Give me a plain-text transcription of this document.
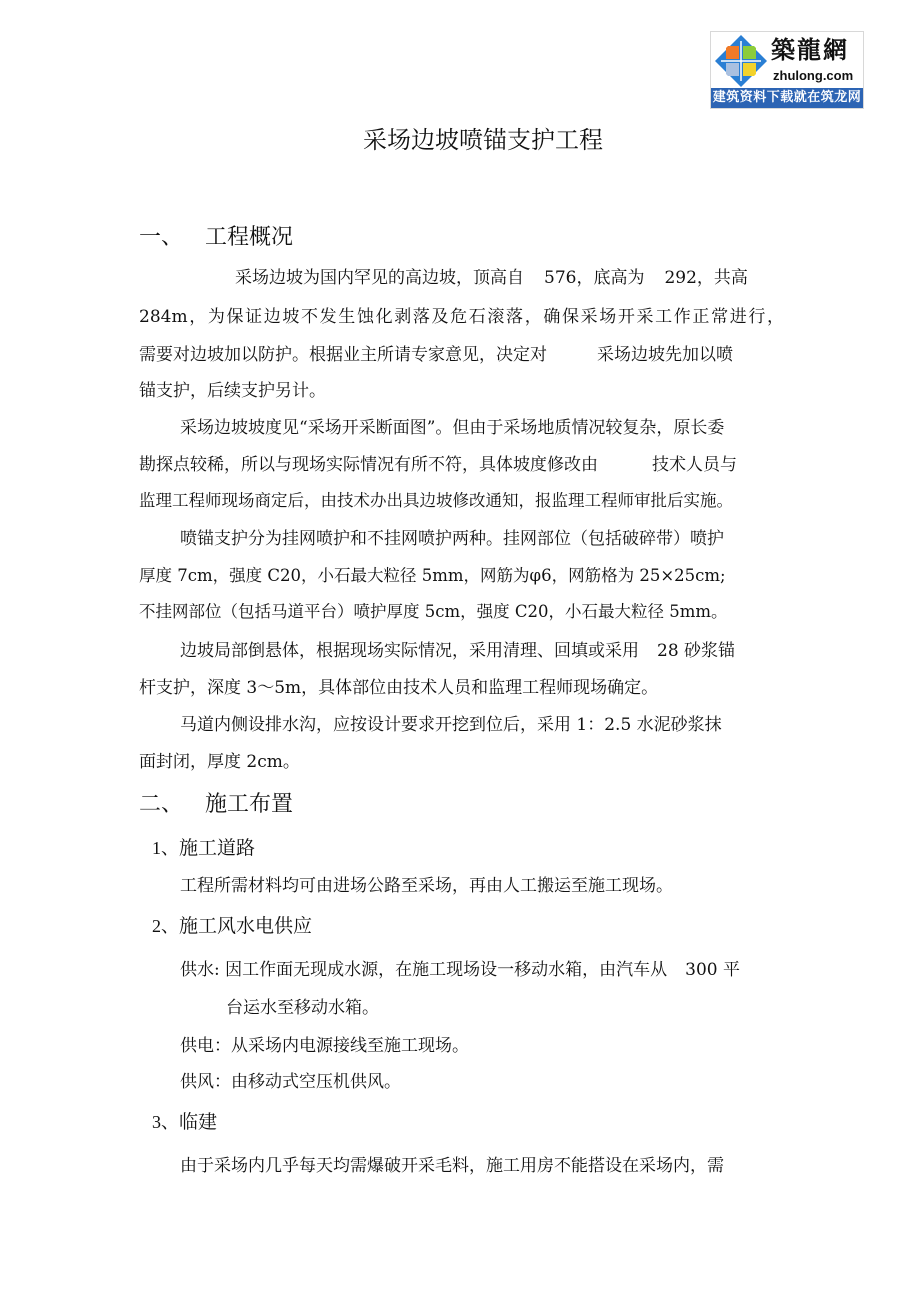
築龍網
zhulong.com
建筑资料下载就在筑龙网
采场边坡喷锚支护工程
一、 工程概况
采场边坡为国内罕见的高边坡，顶高自 576，底高为 292，共高
284m，为保证边坡不发生蚀化剥落及危石滚落，确保采场开采工作正常进行，
需要对边坡加以防护。根据业主所请专家意见，决定对	采场边坡先加以喷
锚支护，后续支护另计。
采场边坡坡度见“采场开采断面图”。但由于采场地质情况较复杂，原长委
勘探点较稀，所以与现场实际情况有所不符，具体坡度修改由	技术人员与
监理工程师现场商定后，由技术办出具边坡修改通知，报监理工程师审批后实施。
喷锚支护分为挂网喷护和不挂网喷护两种。挂网部位（包括破碎带）喷护
厚度 7cm，强度 C20，小石最大粒径 5mm，网筋为φ6，网筋格为 25×25cm;
不挂网部位（包括马道平台）喷护厚度 5cm，强度 C20，小石最大粒径 5mm。
边坡局部倒悬体，根据现场实际情况，采用清理、回填或采用 28 砂浆锚
杆支护，深度 3～5m，具体部位由技术人员和监理工程师现场确定。
马道内侧设排水沟，应按设计要求开挖到位后，采用 1：2.5 水泥砂浆抹
面封闭，厚度 2cm。
二、 施工布置
1、施工道路
工程所需材料均可由进场公路至采场，再由人工搬运至施工现场。
2、施工风水电供应
供水: 因工作面无现成水源，在施工现场设一移动水箱，由汽车从 300 平
台运水至移动水箱。
供电：从采场内电源接线至施工现场。
供风：由移动式空压机供风。
3、临建
由于采场内几乎每天均需爆破开采毛料，施工用房不能搭设在采场内，需
